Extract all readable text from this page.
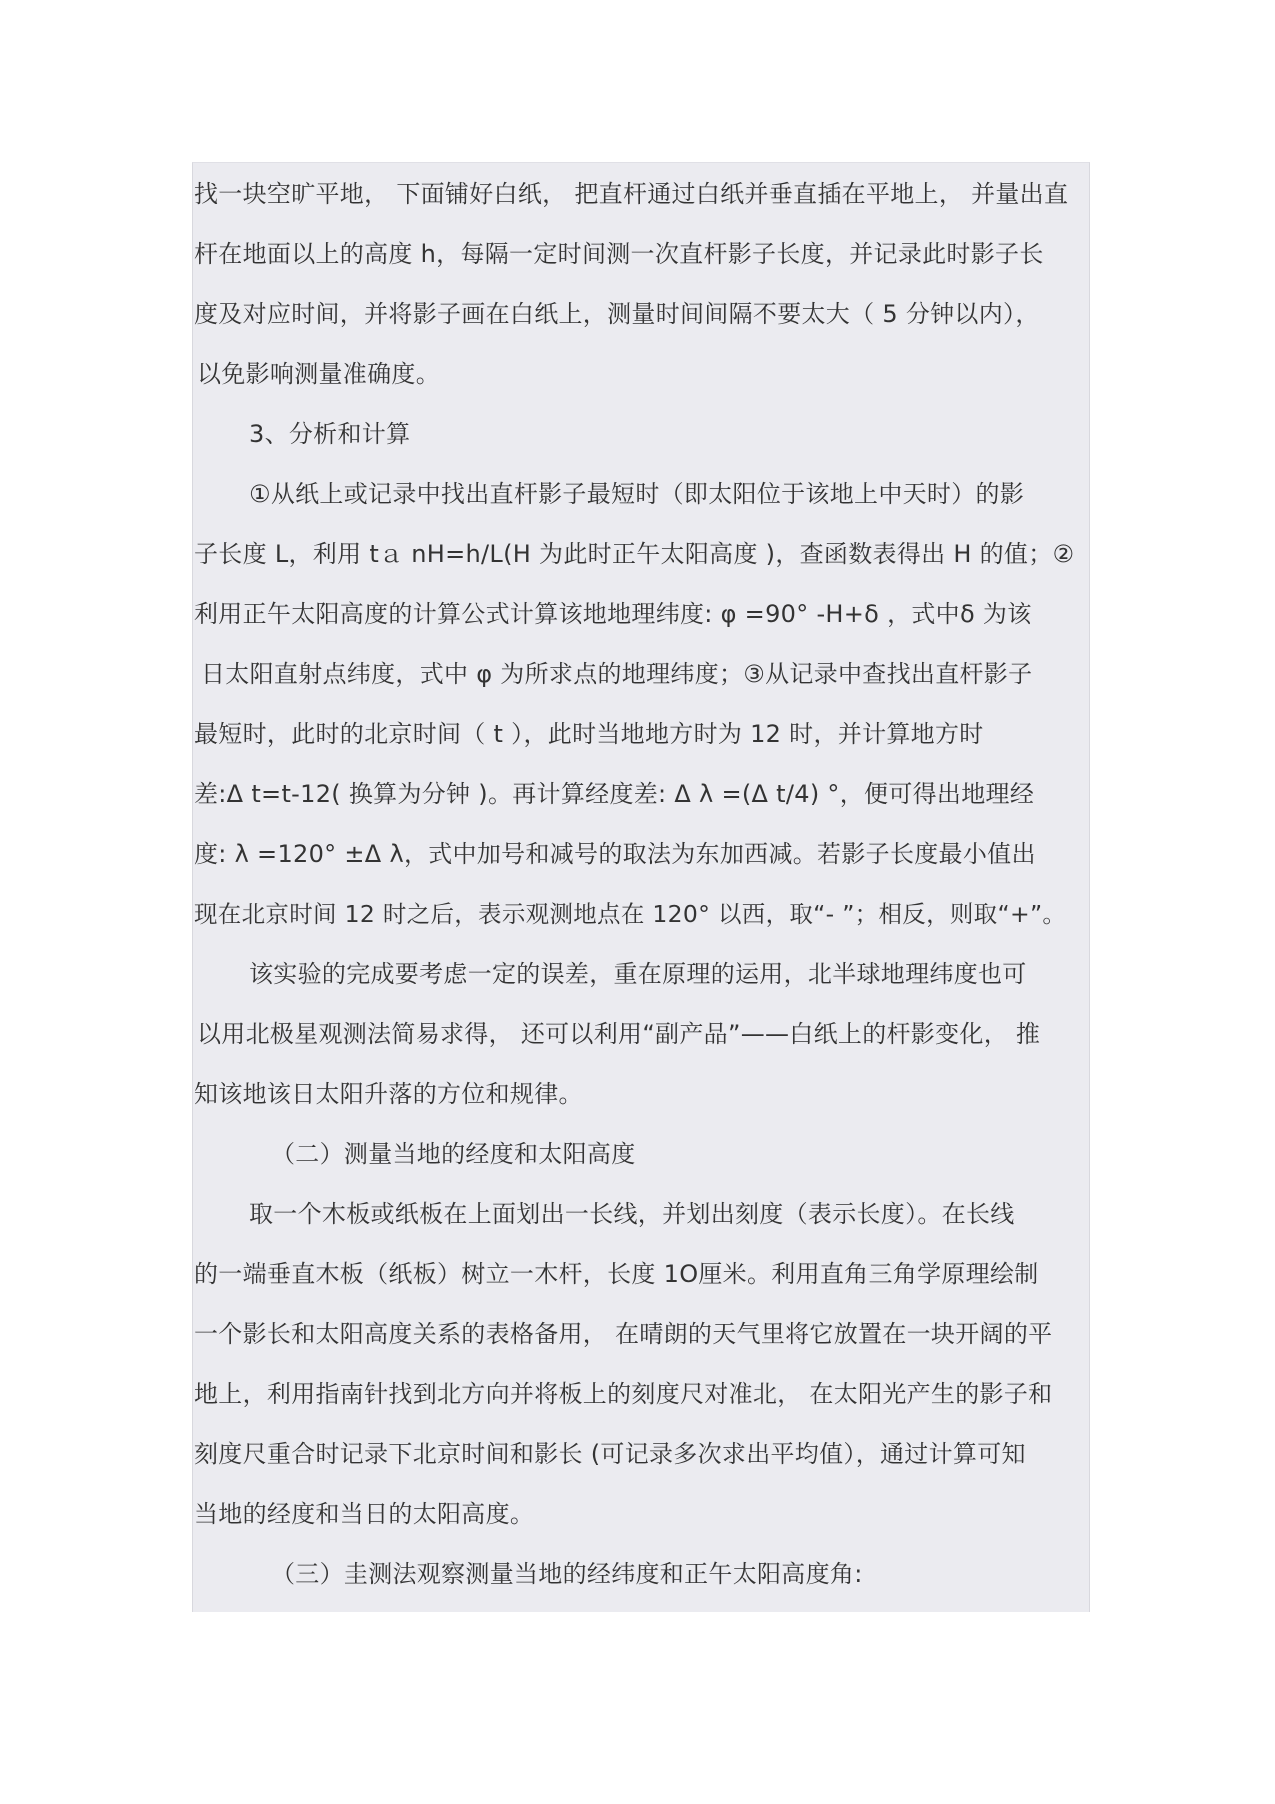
找一块空旷平地， 下面铺好白纸， 把直杆通过白纸并垂直插在平地上， 并量出直
杆在地面以上的高度 h，每隔一定时间测一次直杆影子长度，并记录此时影子长
度及对应时间，并将影子画在白纸上，测量时间间隔不要太大（ 5 分钟以内），
以免影响测量准确度。
3、分析和计算
①从纸上或记录中找出直杆影子最短时（即太阳位于该地上中天时）的影
子长度 L，利用 tａ nH=h/L(H 为此时正午太阳高度 )，查函数表得出 H 的值；②
利用正午太阳高度的计算公式计算该地地理纬度: φ =90° -H+δ ，式中δ 为该
日太阳直射点纬度，式中 φ 为所求点的地理纬度；③从记录中查找出直杆影子
最短时，此时的北京时间（ t ），此时当地地方时为 12 时，并计算地方时
差:Δ t=t-12( 换算为分钟 )。再计算经度差: Δ λ =(Δ t/4) °，便可得出地理经
度: λ =120° ±Δ λ，式中加号和减号的取法为东加西减。若影子长度最小值出
现在北京时间 12 时之后，表示观测地点在 120° 以西，取“- ”；相反，则取“+”。
该实验的完成要考虑一定的误差，重在原理的运用，北半球地理纬度也可
以用北极星观测法简易求得， 还可以利用“副产品”——白纸上的杆影变化， 推
知该地该日太阳升落的方位和规律。
（二）测量当地的经度和太阳高度
取一个木板或纸板在上面划出一长线，并划出刻度（表示长度）。在长线
的一端垂直木板（纸板）树立一木杆，长度 1O厘米。利用直角三角学原理绘制
一个影长和太阳高度关系的表格备用， 在晴朗的天气里将它放置在一块开阔的平
地上，利用指南针找到北方向并将板上的刻度尺对准北， 在太阳光产生的影子和
刻度尺重合时记录下北京时间和影长 (可记录多次求出平均值），通过计算可知
当地的经度和当日的太阳高度。
（三）圭测法观察测量当地的经纬度和正午太阳高度角:
